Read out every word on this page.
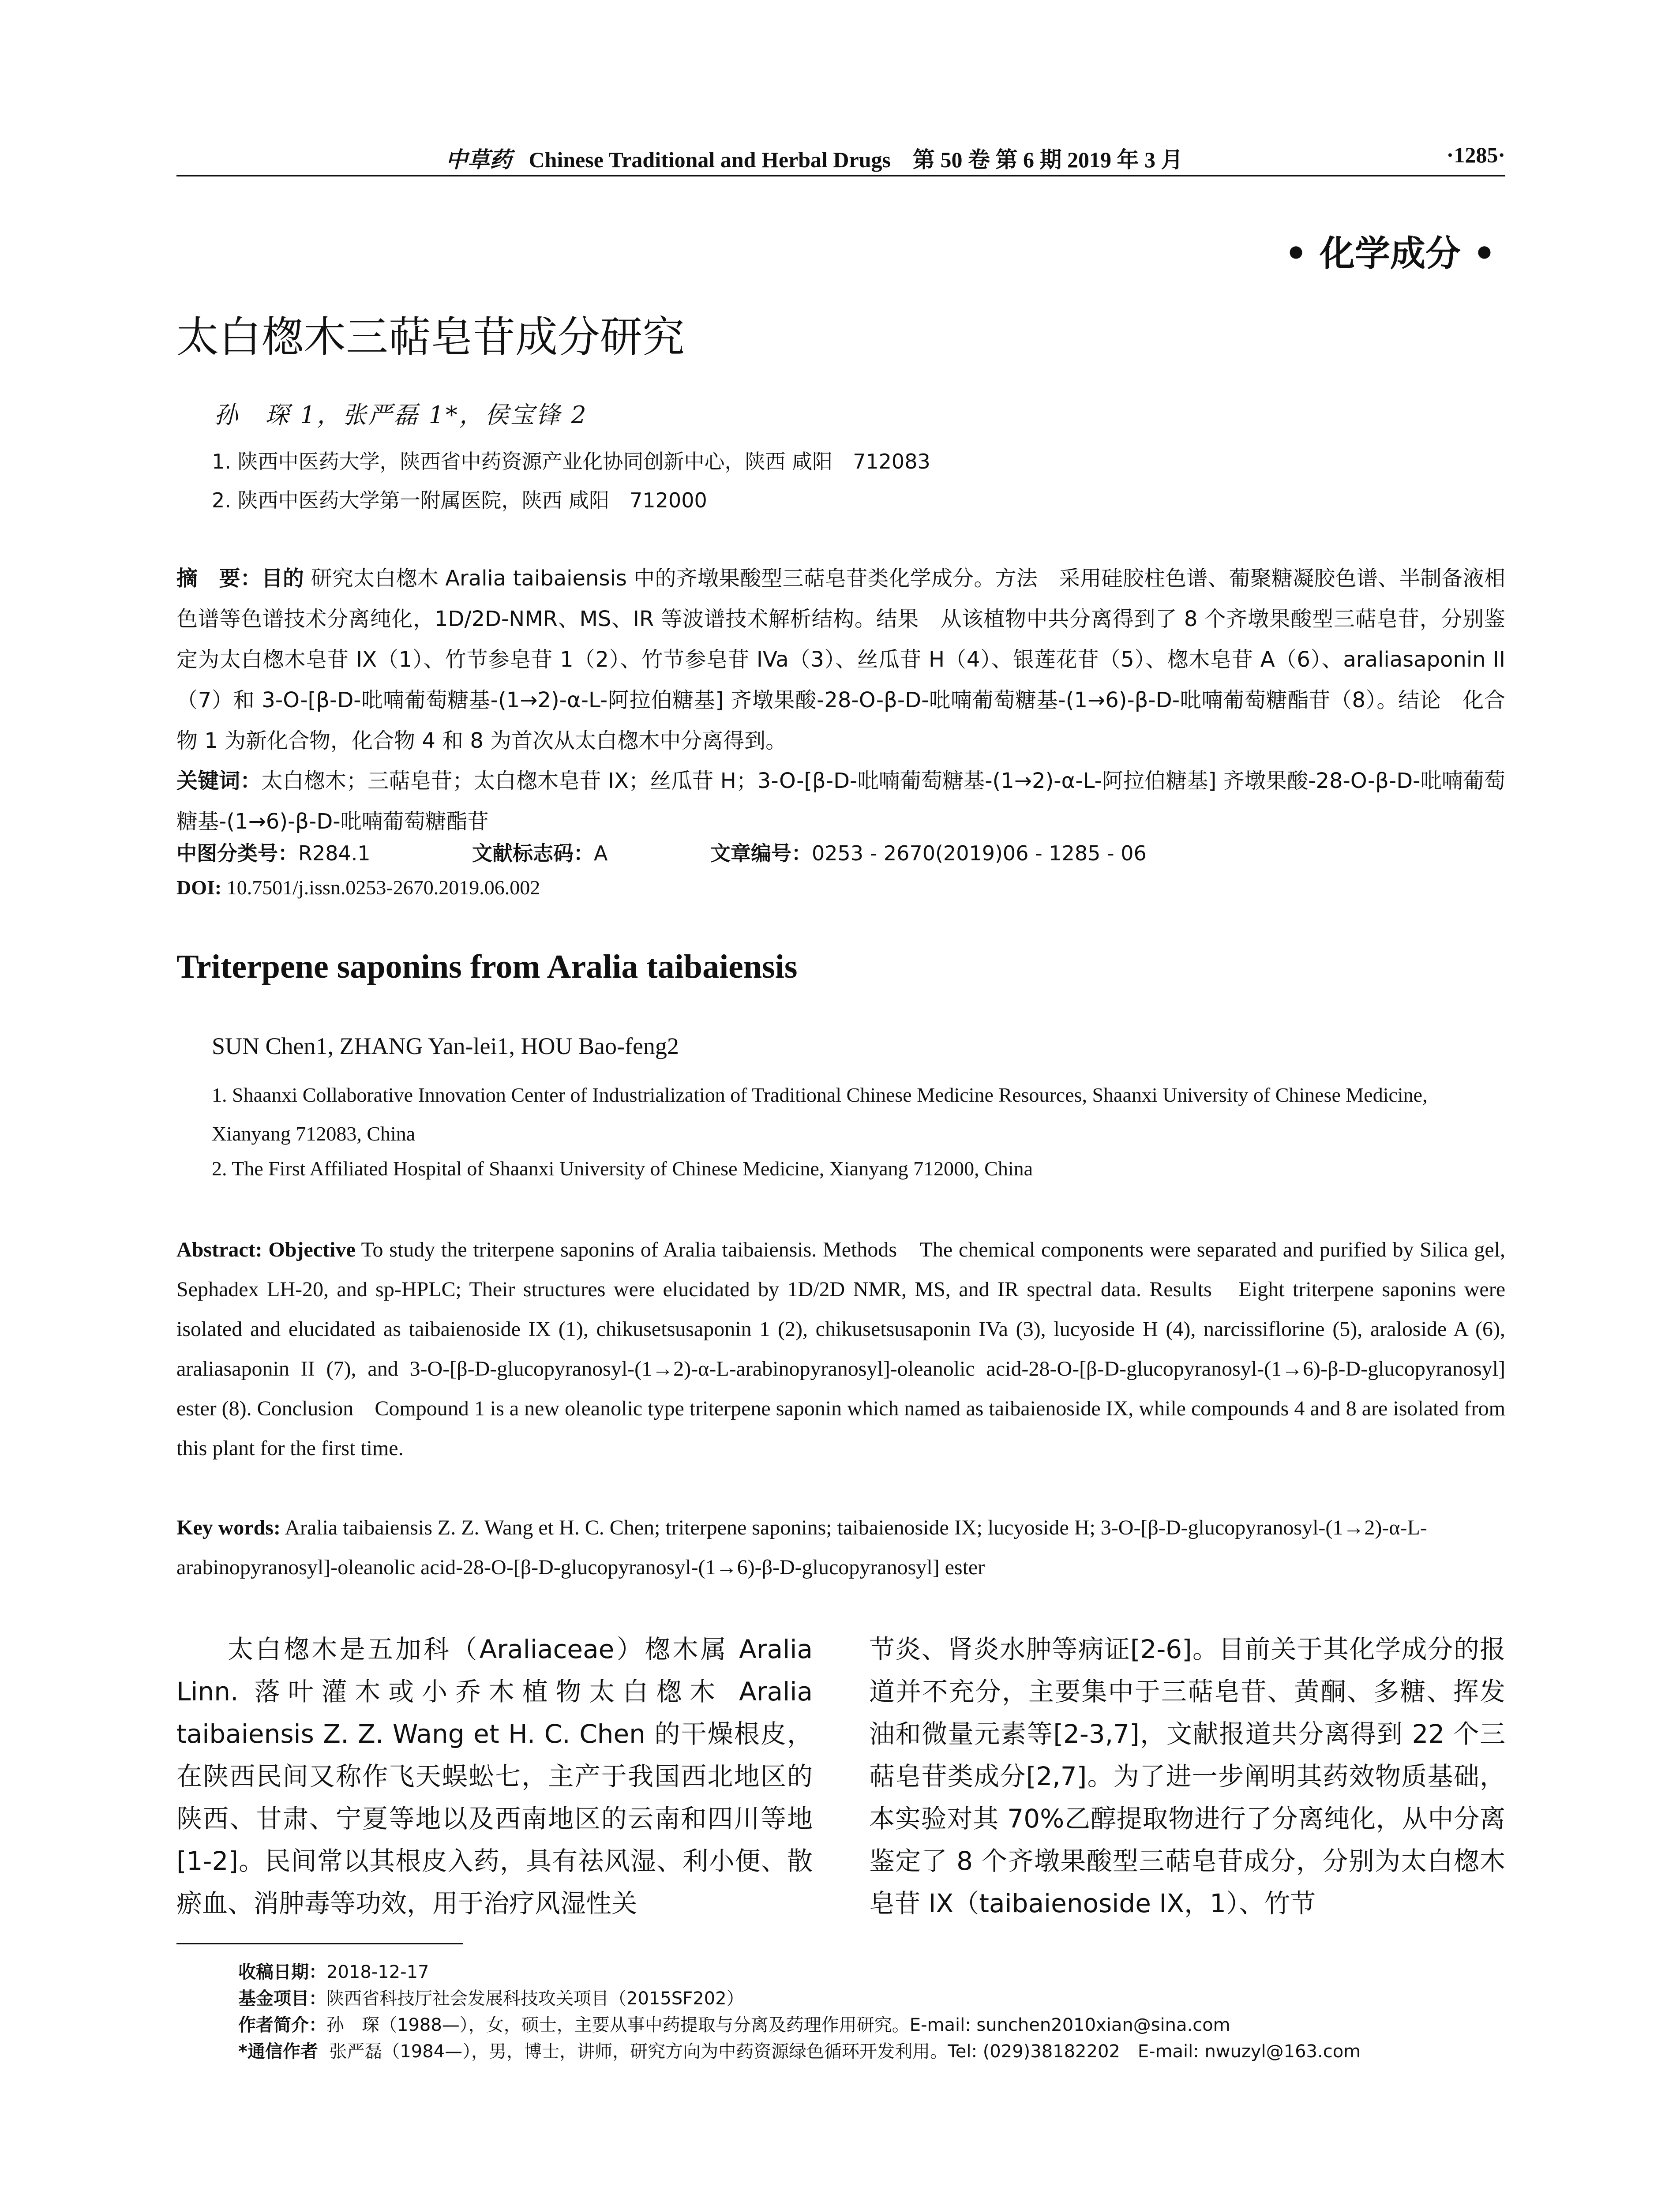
中草药 Chinese Traditional and Herbal Drugs　第 50 卷 第 6 期 2019 年 3 月	·1285·
• 化学成分 •
太白楤木三萜皂苷成分研究
孙　琛 1，张严磊 1*，侯宝锋 2
1. 陕西中医药大学，陕西省中药资源产业化协同创新中心，陕西 咸阳　712083
2. 陕西中医药大学第一附属医院，陕西 咸阳　712000
摘　要：目的 研究太白楤木 Aralia taibaiensis 中的齐墩果酸型三萜皂苷类化学成分。方法　采用硅胶柱色谱、葡聚糖凝胶色谱、半制备液相色谱等色谱技术分离纯化，1D/2D-NMR、MS、IR 等波谱技术解析结构。结果　从该植物中共分离得到了 8 个齐墩果酸型三萜皂苷，分别鉴定为太白楤木皂苷 IX（1）、竹节参皂苷 1（2）、竹节参皂苷 IVa（3）、丝瓜苷 H（4）、银莲花苷（5）、楤木皂苷 A（6）、araliasaponin II（7）和 3-O-[β-D-吡喃葡萄糖基-(1→2)-α-L-阿拉伯糖基] 齐墩果酸-28-O-β-D-吡喃葡萄糖基-(1→6)-β-D-吡喃葡萄糖酯苷（8）。结论　化合物 1 为新化合物，化合物 4 和 8 为首次从太白楤木中分离得到。
关键词：太白楤木；三萜皂苷；太白楤木皂苷 IX；丝瓜苷 H；3-O-[β-D-吡喃葡萄糖基-(1→2)-α-L-阿拉伯糖基] 齐墩果酸-28-O-β-D-吡喃葡萄糖基-(1→6)-β-D-吡喃葡萄糖酯苷
中图分类号：R284.1	文献标志码：A	文章编号：0253 - 2670(2019)06 - 1285 - 06
DOI: 10.7501/j.issn.0253-2670.2019.06.002
Triterpene saponins from Aralia taibaiensis
SUN Chen1, ZHANG Yan-lei1, HOU Bao-feng2
1. Shaanxi Collaborative Innovation Center of Industrialization of Traditional Chinese Medicine Resources, Shaanxi University of Chinese Medicine, Xianyang 712083, China
2. The First Affiliated Hospital of Shaanxi University of Chinese Medicine, Xianyang 712000, China
Abstract: Objective To study the triterpene saponins of Aralia taibaiensis. Methods　The chemical components were separated and purified by Silica gel, Sephadex LH-20, and sp-HPLC; Their structures were elucidated by 1D/2D NMR, MS, and IR spectral data. Results　Eight triterpene saponins were isolated and elucidated as taibaienoside IX (1), chikusetsusaponin 1 (2), chikusetsusaponin IVa (3), lucyoside H (4), narcissiflorine (5), araloside A (6), araliasaponin II (7), and 3-O-[β-D-glucopyranosyl-(1→2)-α-L-arabinopyranosyl]-oleanolic acid-28-O-[β-D-glucopyranosyl-(1→6)-β-D-glucopyranosyl] ester (8). Conclusion　Compound 1 is a new oleanolic type triterpene saponin which named as taibaienoside IX, while compounds 4 and 8 are isolated from this plant for the first time.
Key words: Aralia taibaiensis Z. Z. Wang et H. C. Chen; triterpene saponins; taibaienoside IX; lucyoside H; 3-O-[β-D-glucopyranosyl-(1→2)-α-L-arabinopyranosyl]-oleanolic acid-28-O-[β-D-glucopyranosyl-(1→6)-β-D-glucopyranosyl] ester
太白楤木是五加科（Araliaceae）楤木属 Aralia Linn. 落叶灌木或小乔木植物太白楤木 Aralia taibaiensis Z. Z. Wang et H. C. Chen 的干燥根皮，在陕西民间又称作飞天蜈蚣七，主产于我国西北地区的陕西、甘肃、宁夏等地以及西南地区的云南和四川等地[1-2]。民间常以其根皮入药，具有祛风湿、利小便、散瘀血、消肿毒等功效，用于治疗风湿性关
节炎、肾炎水肿等病证[2-6]。目前关于其化学成分的报道并不充分，主要集中于三萜皂苷、黄酮、多糖、挥发油和微量元素等[2-3,7]，文献报道共分离得到 22 个三萜皂苷类成分[2,7]。为了进一步阐明其药效物质基础，本实验对其 70%乙醇提取物进行了分离纯化，从中分离鉴定了 8 个齐墩果酸型三萜皂苷成分，分别为太白楤木皂苷 IX（taibaienoside IX，1）、竹节
收稿日期：2018-12-17
基金项目：陕西省科技厅社会发展科技攻关项目（2015SF202）
作者简介：孙　琛（1988—），女，硕士，主要从事中药提取与分离及药理作用研究。E-mail: sunchen2010xian@sina.com
*通信作者 张严磊（1984—），男，博士，讲师，研究方向为中药资源绿色循环开发利用。Tel: (029)38182202　E-mail: nwuzyl@163.com
